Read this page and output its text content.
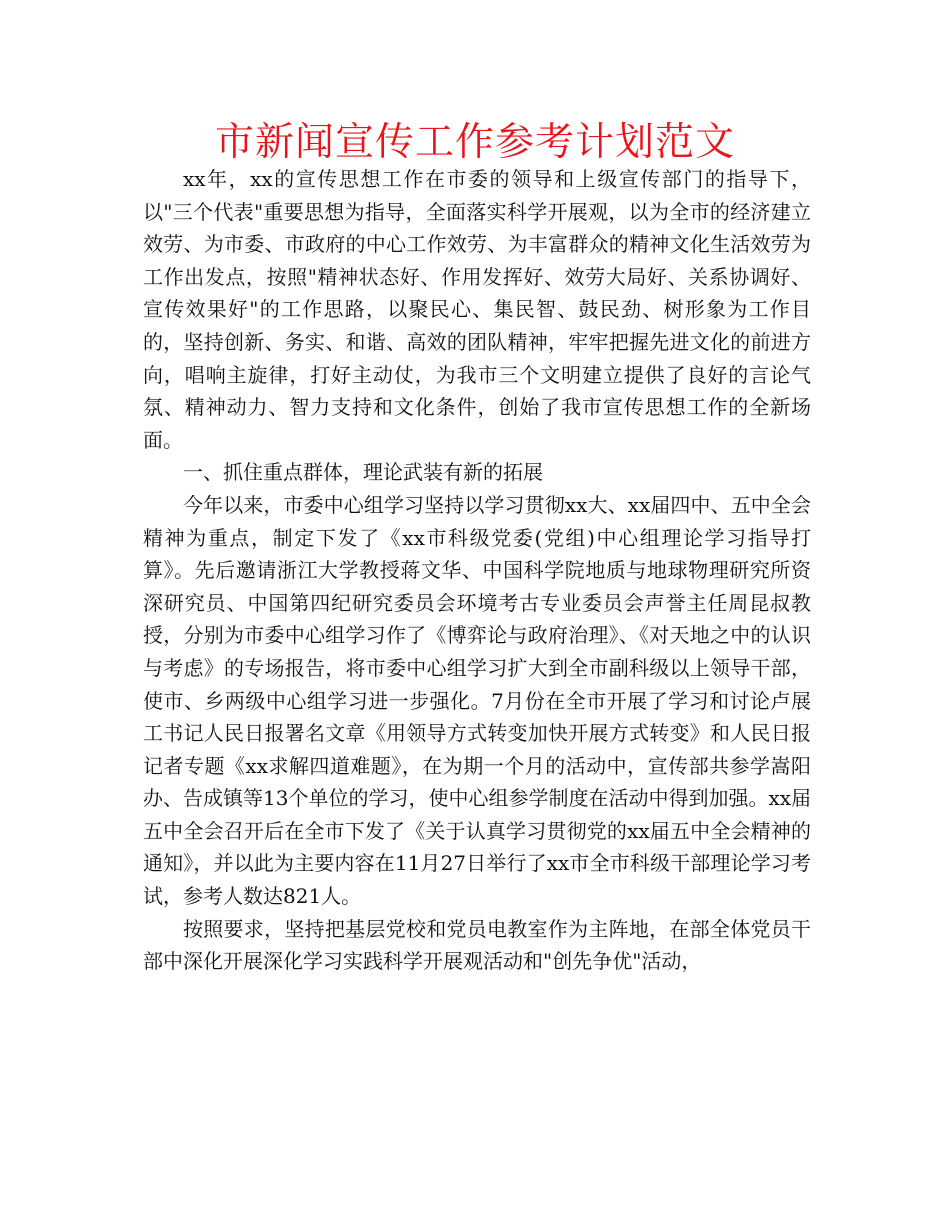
市新闻宣传工作参考计划范文

xx年，xx的宣传思想工作在市委的领导和上级宣传部门的指导下，以"三个代表"重要思想为指导，全面落实科学开展观，以为全市的经济建立效劳、为市委、市政府的中心工作效劳、为丰富群众的精神文化生活效劳为工作出发点，按照"精神状态好、作用发挥好、效劳大局好、关系协调好、宣传效果好"的工作思路，以聚民心、集民智、鼓民劲、树形象为工作目的，坚持创新、务实、和谐、高效的团队精神，牢牢把握先进文化的前进方向，唱响主旋律，打好主动仗，为我市三个文明建立提供了良好的言论气氛、精神动力、智力支持和文化条件，创始了我市宣传思想工作的全新场面。

一、抓住重点群体，理论武装有新的拓展

今年以来，市委中心组学习坚持以学习贯彻xx大、xx届四中、五中全会精神为重点，制定下发了《xx市科级党委(党组)中心组理论学习指导打算》。先后邀请浙江大学教授蒋文华、中国科学院地质与地球物理研究所资深研究员、中国第四纪研究委员会环境考古专业委员会声誉主任周昆叔教授，分别为市委中心组学习作了《博弈论与政府治理》、《对天地之中的认识与考虑》的专场报告，将市委中心组学习扩大到全市副科级以上领导干部，使市、乡两级中心组学习进一步强化。7月份在全市开展了学习和讨论卢展工书记人民日报署名文章《用领导方式转变加快开展方式转变》和人民日报记者专题《xx求解四道难题》，在为期一个月的活动中，宣传部共参学嵩阳办、告成镇等13个单位的学习，使中心组参学制度在活动中得到加强。xx届五中全会召开后在全市下发了《关于认真学习贯彻党的xx届五中全会精神的通知》，并以此为主要内容在11月27日举行了xx市全市科级干部理论学习考试，参考人数达821人。

按照要求，坚持把基层党校和党员电教室作为主阵地，在部全体党员干部中深化开展深化学习实践科学开展观活动和"创先争优"活动，
